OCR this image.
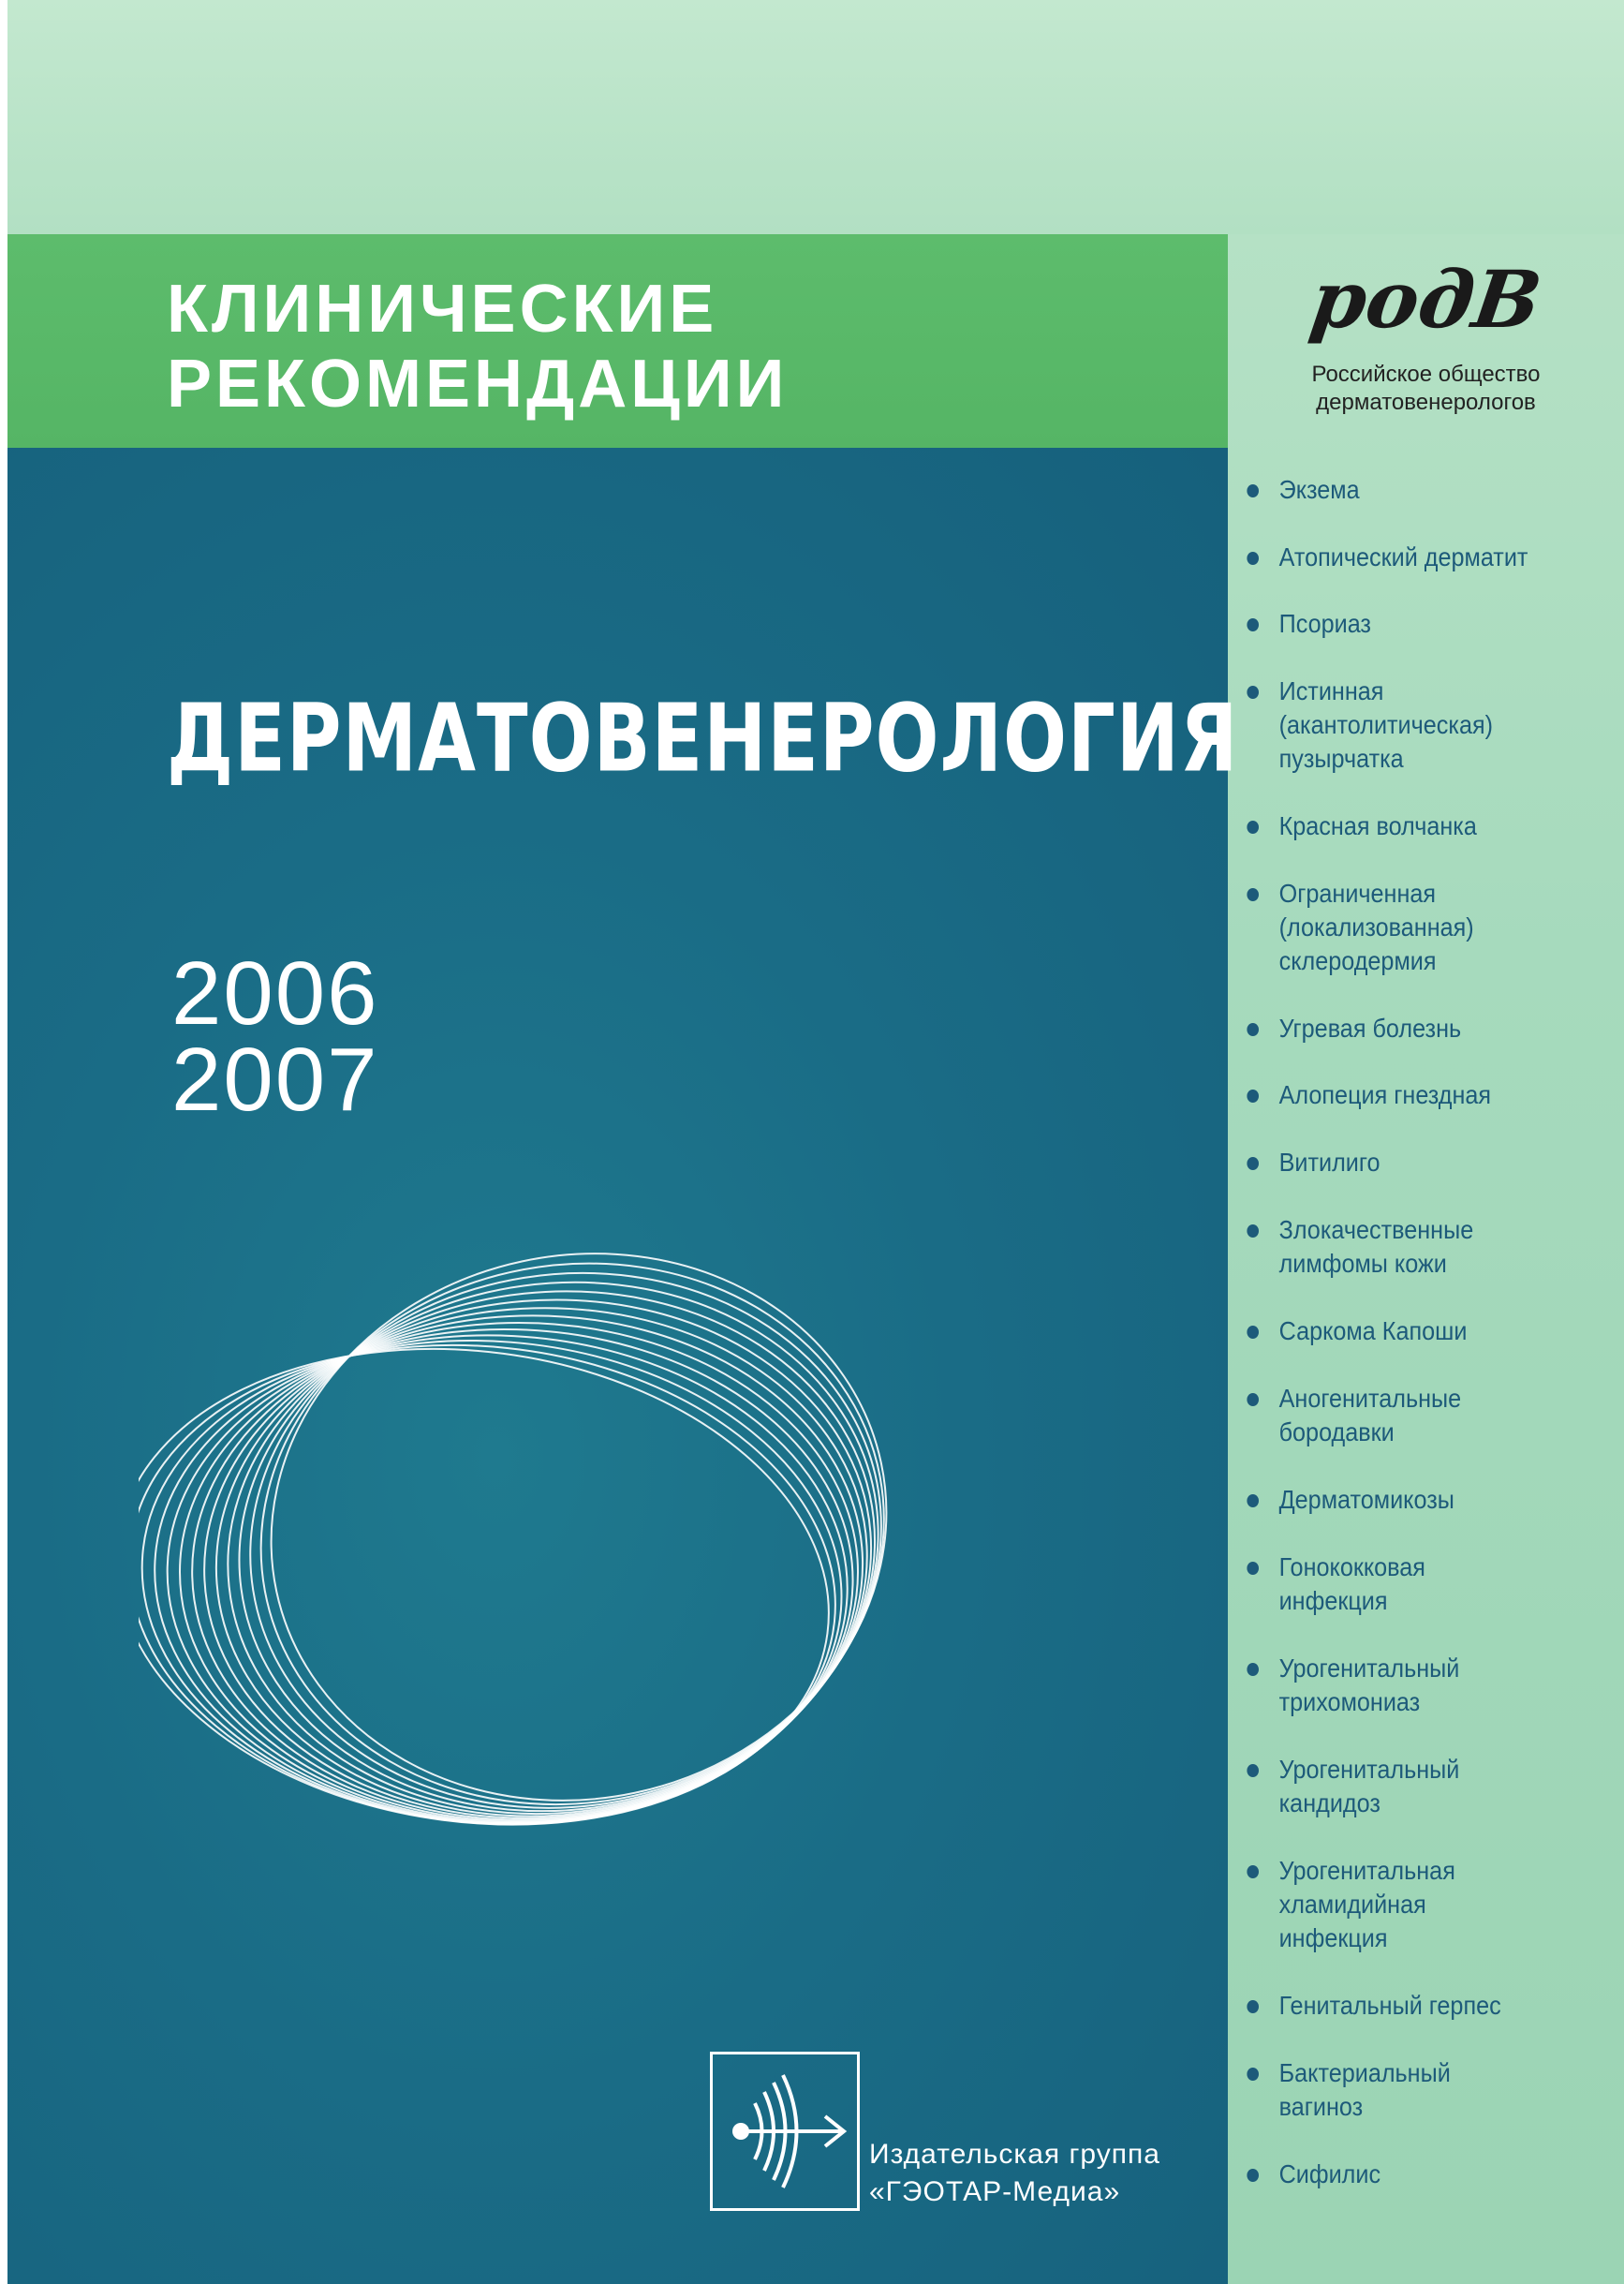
КЛИНИЧЕСКИЕ
РЕКОМЕНДАЦИИ
рoдВ
Российское общество
дерматовенерологов
ДЕРМАТОВЕНЕРОЛОГИЯ
2006
2007
Экзема
Атопический дерматит
Псориаз
Истинная (акантолитическая) пузырчатка
Красная волчанка
Ограниченная (локализованная) склеродермия
Угревая болезнь
Алопеция гнездная
Витилиго
Злокачественные лимфомы кожи
Саркома Капоши
Аногенитальные бородавки
Дерматомикозы
Гонококковая инфекция
Урогенитальный трихомониаз
Урогенитальный кандидоз
Урогенитальная хламидийная инфекция
Генитальный герпес
Бактериальный вагиноз
Сифилис
Издательская группа
«ГЭОТАР-Медиа»
